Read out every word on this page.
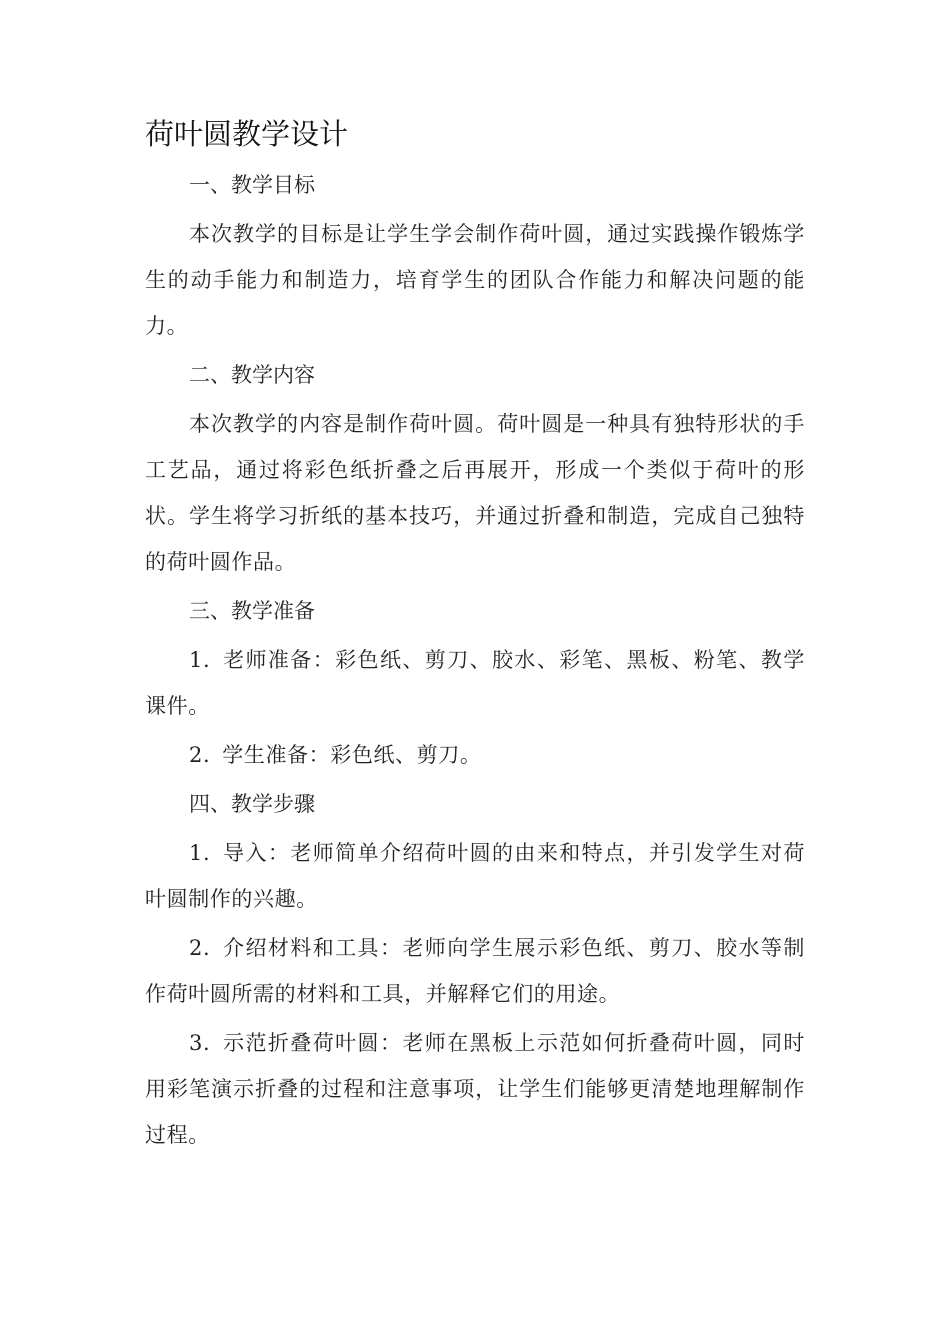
荷叶圆教学设计
一、教学目标

本次教学的目标是让学生学会制作荷叶圆，通过实践操作锻炼学生的动手能力和制造力，培育学生的团队合作能力和解决问题的能力。

二、教学内容

本次教学的内容是制作荷叶圆。荷叶圆是一种具有独特形状的手工艺品，通过将彩色纸折叠之后再展开，形成一个类似于荷叶的形状。学生将学习折纸的基本技巧，并通过折叠和制造，完成自己独特的荷叶圆作品。

三、教学准备

1. 老师准备：彩色纸、剪刀、胶水、彩笔、黑板、粉笔、教学课件。

2. 学生准备：彩色纸、剪刀。

四、教学步骤

1. 导入：老师简单介绍荷叶圆的由来和特点，并引发学生对荷叶圆制作的兴趣。

2. 介绍材料和工具：老师向学生展示彩色纸、剪刀、胶水等制作荷叶圆所需的材料和工具，并解释它们的用途。

3. 示范折叠荷叶圆：老师在黑板上示范如何折叠荷叶圆，同时用彩笔演示折叠的过程和注意事项，让学生们能够更清楚地理解制作过程。
